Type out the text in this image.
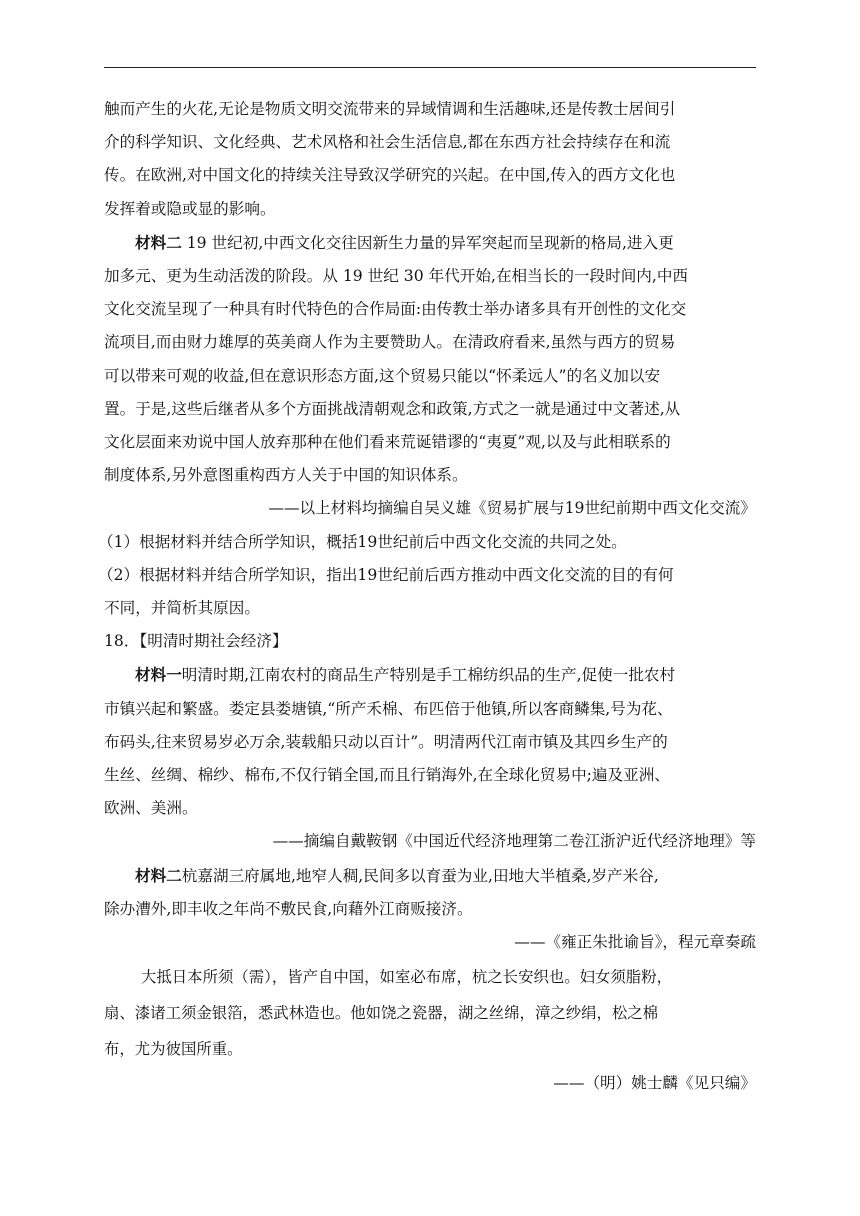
触而产生的火花,无论是物质文明交流带来的异域情调和生活趣味,还是传教士居间引

介的科学知识、文化经典、艺术风格和社会生活信息,都在东西方社会持续存在和流

传。在欧洲,对中国文化的持续关注导致汉学研究的兴起。在中国,传入的西方文化也

发挥着或隐或显的影响。

材料二 19 世纪初,中西文化交往因新生力量的异军突起而呈现新的格局,进入更

加多元、更为生动活泼的阶段。从 19 世纪 30 年代开始,在相当长的一段时间内,中西

文化交流呈现了一种具有时代特色的合作局面:由传教士举办诸多具有开创性的文化交

流项目,而由财力雄厚的英美商人作为主要赞助人。在清政府看来,虽然与西方的贸易

可以带来可观的收益,但在意识形态方面,这个贸易只能以“怀柔远人”的名义加以安

置。于是,这些后继者从多个方面挑战清朝观念和政策,方式之一就是通过中文著述,从

文化层面来劝说中国人放弃那种在他们看来荒诞错谬的“夷夏”观,以及与此相联系的

制度体系,另外意图重构西方人关于中国的知识体系。

——以上材料均摘编自吴义雄《贸易扩展与19世纪前期中西文化交流》

（1）根据材料并结合所学知识，概括19世纪前后中西文化交流的共同之处。

（2）根据材料并结合所学知识，指出19世纪前后西方推动中西文化交流的目的有何

不同，并简析其原因。

18．【明清时期社会经济】

材料一明清时期,江南农村的商品生产特别是手工棉纺织品的生产,促使一批农村

市镇兴起和繁盛。娄定县娄塘镇,“所产禾棉、布匹倍于他镇,所以客商鳞集,号为花、

布码头,往来贸易岁必万余,装载船只动以百计”。明清两代江南市镇及其四乡生产的

生丝、丝绸、棉纱、棉布,不仅行销全国,而且行销海外,在全球化贸易中;遍及亚洲、

欧洲、美洲。

——摘编自戴鞍钢《中国近代经济地理第二卷江浙沪近代经济地理》等

材料二杭嘉湖三府属地,地窄人稠,民间多以育蚕为业,田地大半植桑,岁产米谷,

除办漕外,即丰收之年尚不敷民食,向藉外江商贩接济。

——《雍正朱批谕旨》，程元章奏疏

大抵日本所须（需），皆产自中国，如室必布席，杭之长安织也。妇女须脂粉，

扇、漆诸工须金银箔，悉武林造也。他如饶之瓷器，湖之丝绵，漳之纱绢，松之棉

布，尤为彼国所重。

——（明）姚士麟《见只编》
